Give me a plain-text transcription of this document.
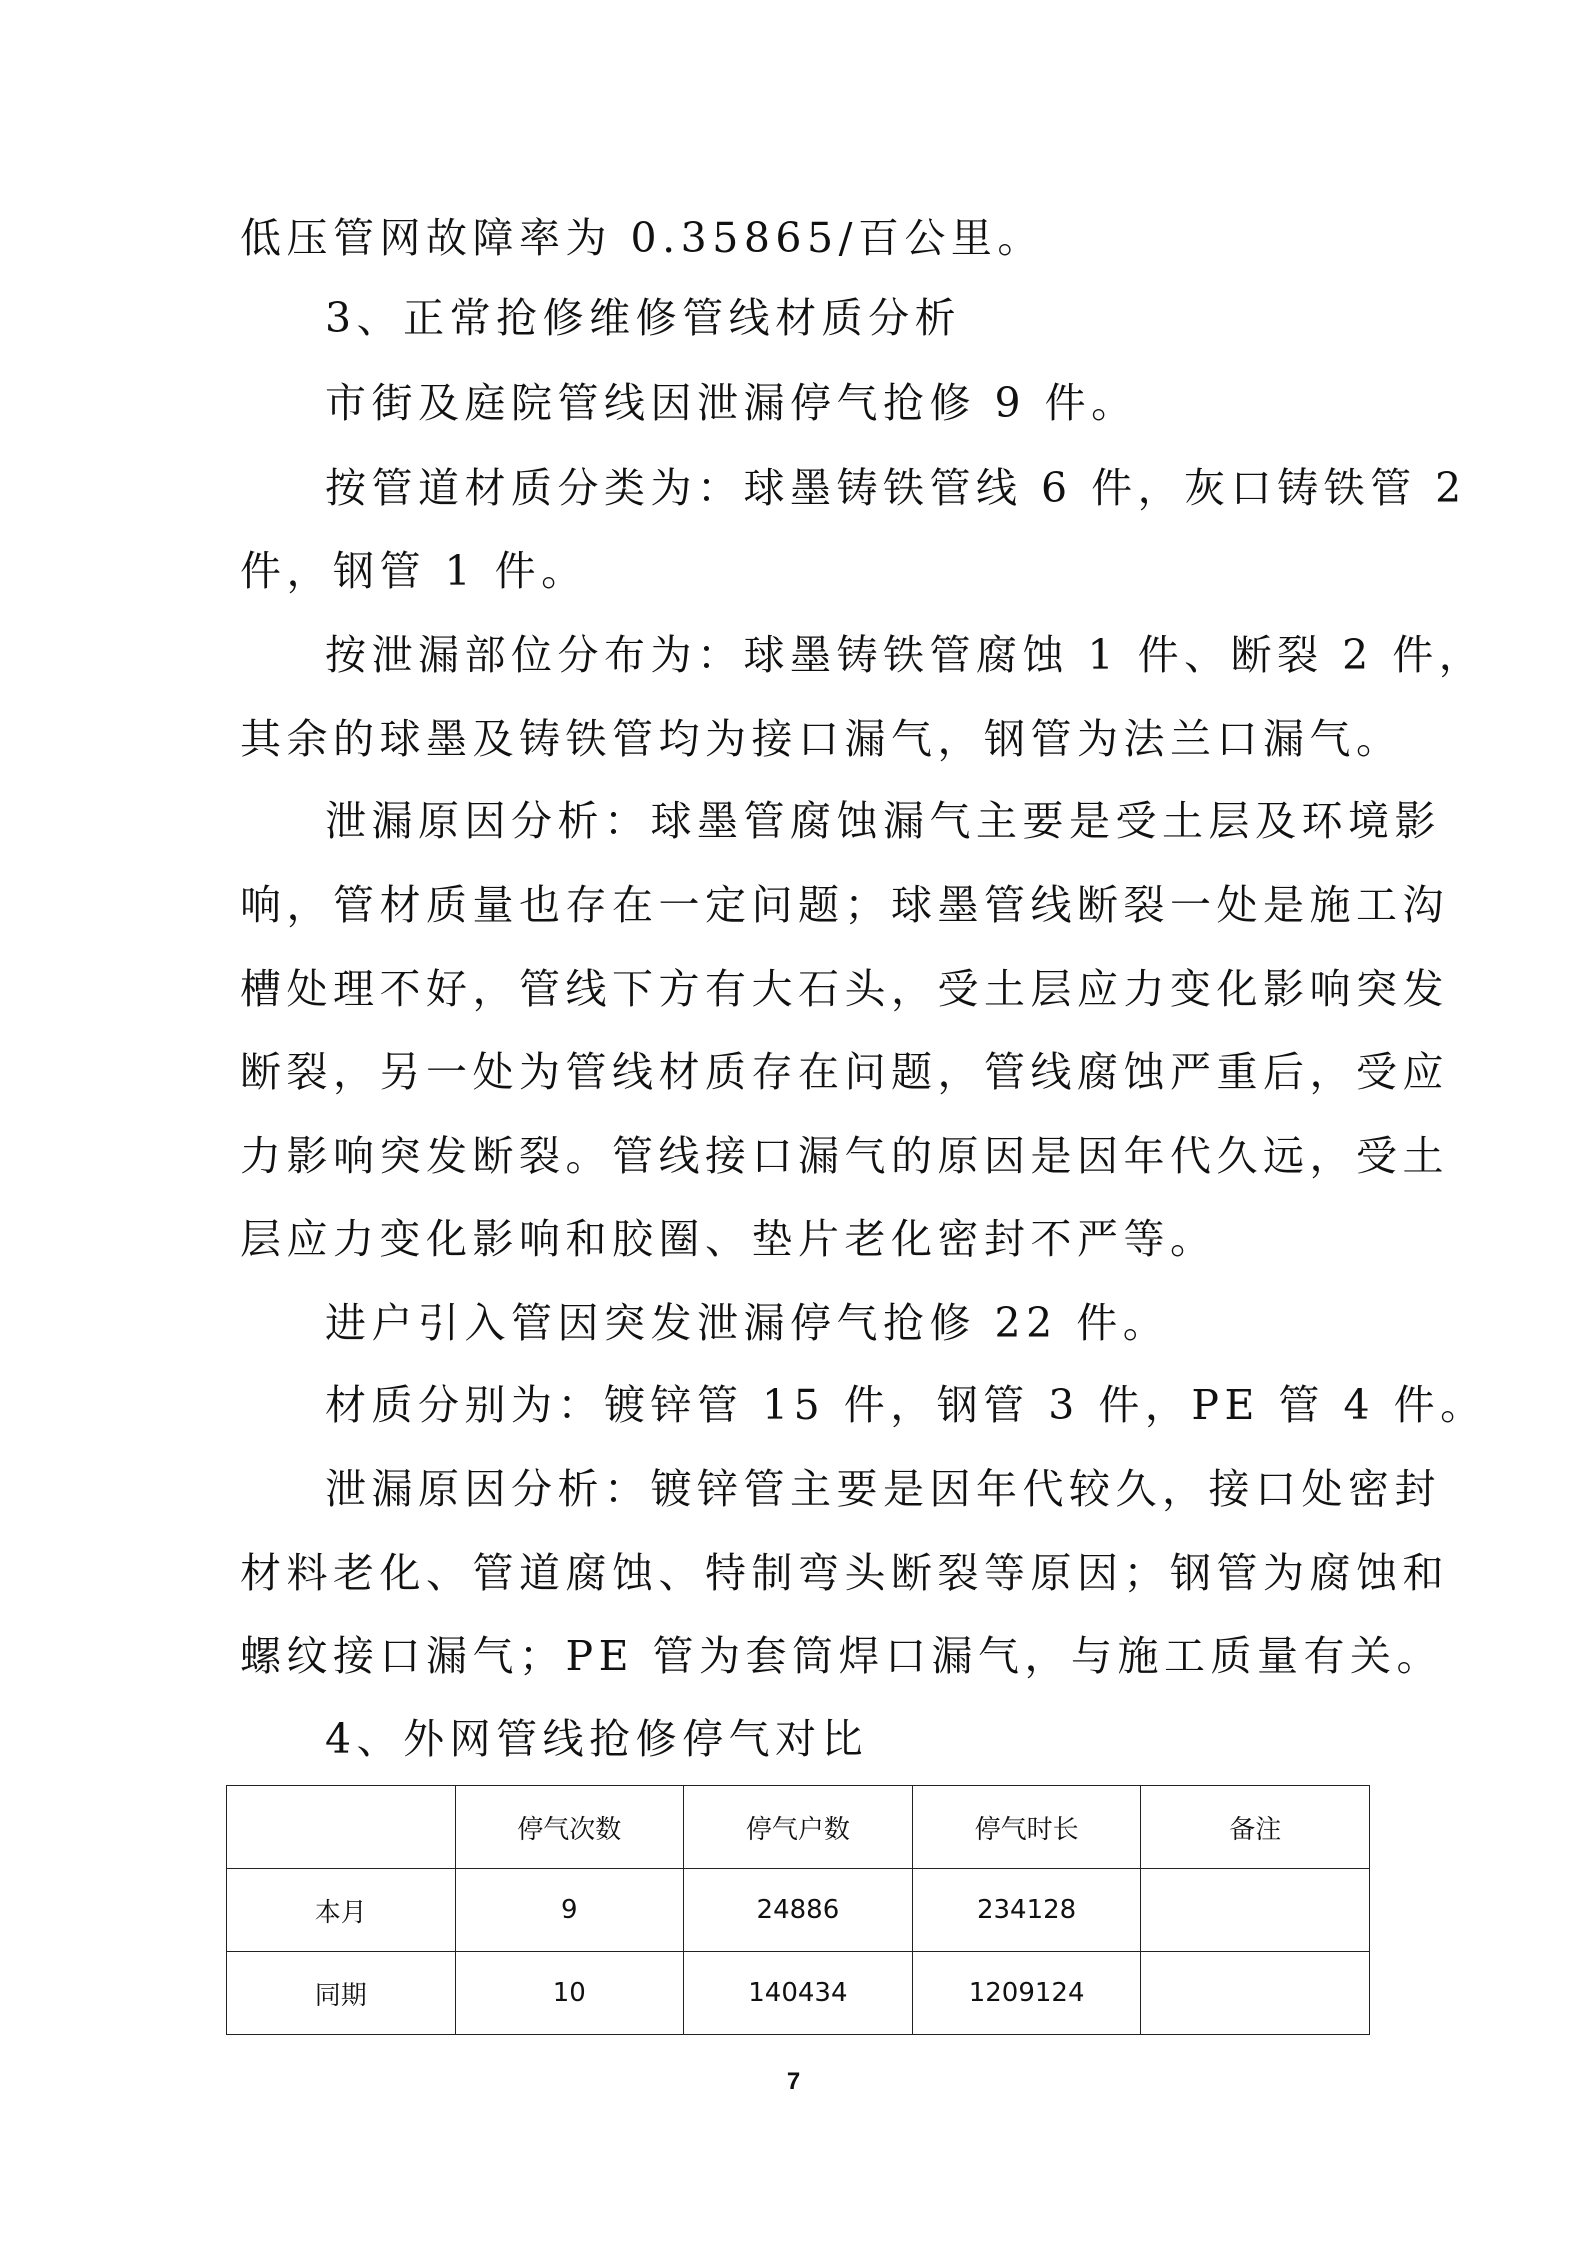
低压管网故障率为 0.35865/百公里。
3、正常抢修维修管线材质分析
市街及庭院管线因泄漏停气抢修 9 件。
按管道材质分类为：球墨铸铁管线 6 件，灰口铸铁管 2
件，钢管 1 件。
按泄漏部位分布为：球墨铸铁管腐蚀 1 件、断裂 2 件，
其余的球墨及铸铁管均为接口漏气，钢管为法兰口漏气。
泄漏原因分析：球墨管腐蚀漏气主要是受土层及环境影
响，管材质量也存在一定问题；球墨管线断裂一处是施工沟
槽处理不好，管线下方有大石头，受土层应力变化影响突发
断裂，另一处为管线材质存在问题，管线腐蚀严重后，受应
力影响突发断裂。管线接口漏气的原因是因年代久远，受土
层应力变化影响和胶圈、垫片老化密封不严等。
进户引入管因突发泄漏停气抢修 22 件。
材质分别为：镀锌管 15 件，钢管 3 件，PE 管 4 件。
泄漏原因分析：镀锌管主要是因年代较久，接口处密封
材料老化、管道腐蚀、特制弯头断裂等原因；钢管为腐蚀和
螺纹接口漏气；PE 管为套筒焊口漏气，与施工质量有关。
4、外网管线抢修停气对比
	停气次数	停气户数	停气时长	备注
本月	9	24886	234128	
同期	10	140434	1209124	
7
